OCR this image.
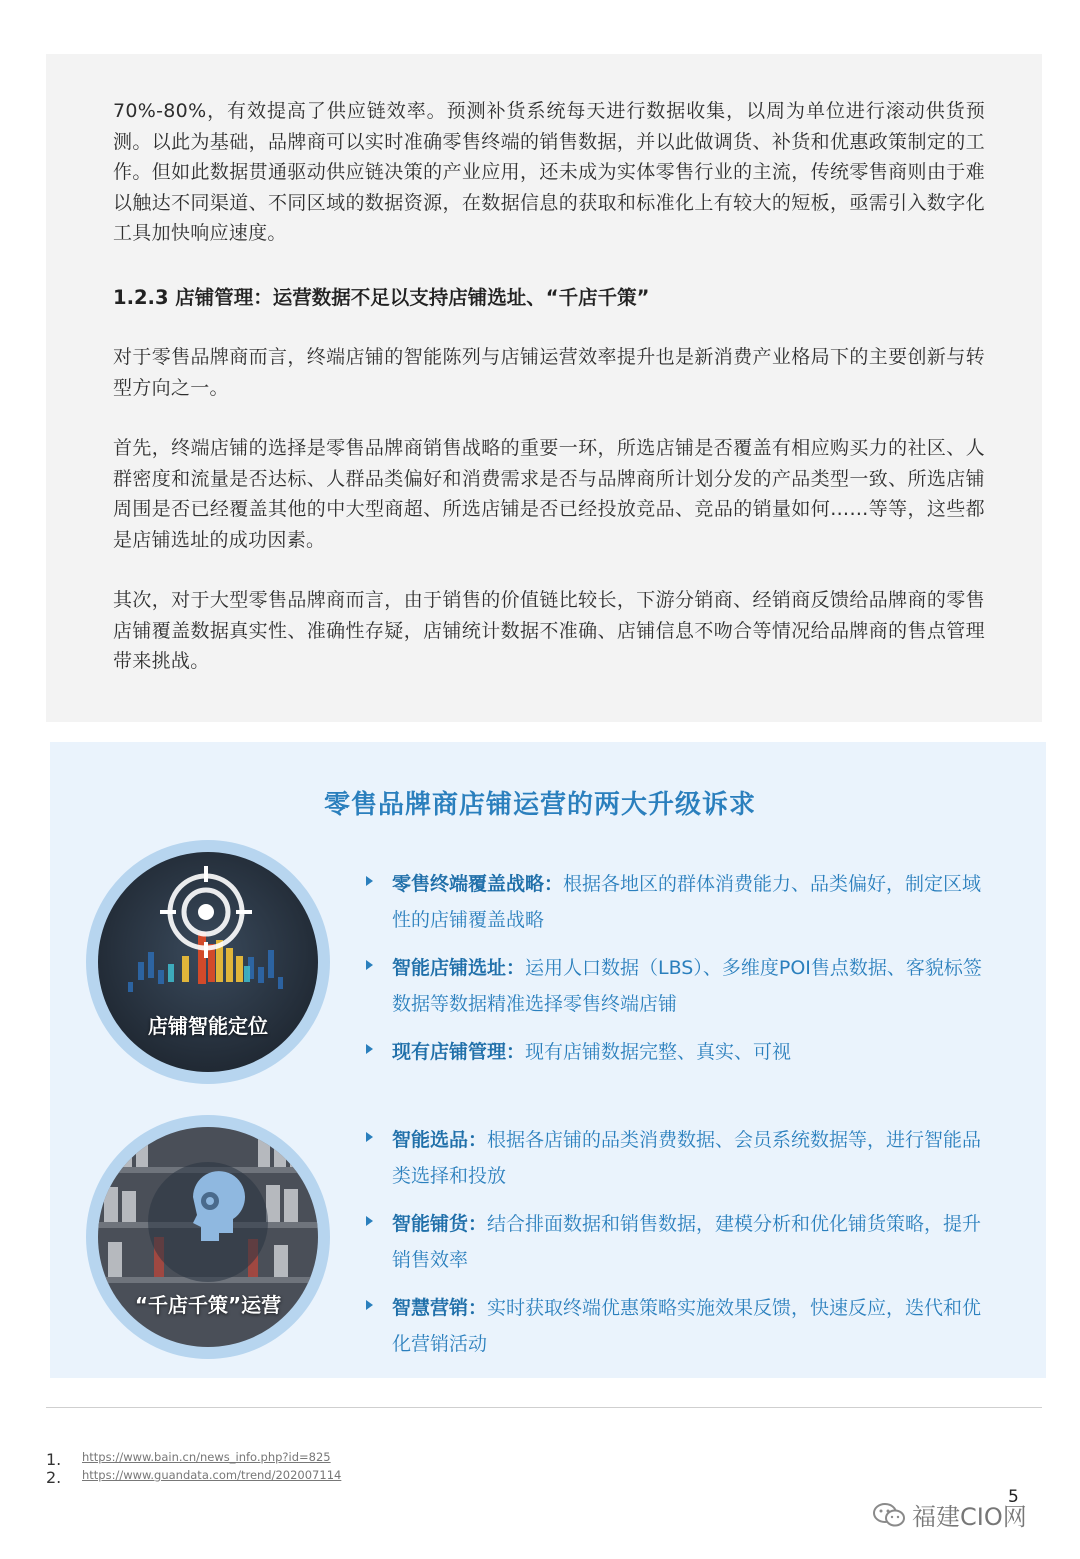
70%-80%，有效提高了供应链效率。预测补货系统每天进行数据收集，以周为单位进行滚动供货预测。以此为基础，品牌商可以实时准确零售终端的销售数据，并以此做调货、补货和优惠政策制定的工作。但如此数据贯通驱动供应链决策的产业应用，还未成为实体零售行业的主流，传统零售商则由于难以触达不同渠道、不同区域的数据资源，在数据信息的获取和标准化上有较大的短板，亟需引入数字化工具加快响应速度。
1.2.3 店铺管理：运营数据不足以支持店铺选址、“千店千策”
对于零售品牌商而言，终端店铺的智能陈列与店铺运营效率提升也是新消费产业格局下的主要创新与转型方向之一。
首先，终端店铺的选择是零售品牌商销售战略的重要一环，所选店铺是否覆盖有相应购买力的社区、人群密度和流量是否达标、人群品类偏好和消费需求是否与品牌商所计划分发的产品类型一致、所选店铺周围是否已经覆盖其他的中大型商超、所选店铺是否已经投放竞品、竞品的销量如何……等等，这些都是店铺选址的成功因素。
其次，对于大型零售品牌商而言，由于销售的价值链比较长，下游分销商、经销商反馈给品牌商的零售店铺覆盖数据真实性、准确性存疑，店铺统计数据不准确、店铺信息不吻合等情况给品牌商的售点管理带来挑战。
零售品牌商店铺运营的两大升级诉求
店铺智能定位
“千店千策”运营
零售终端覆盖战略：根据各地区的群体消费能力、品类偏好，制定区域性的店铺覆盖战略
智能店铺选址：运用人口数据（LBS）、多维度POI售点数据、客貌标签数据等数据精准选择零售终端店铺
现有店铺管理：现有店铺数据完整、真实、可视
智能选品：根据各店铺的品类消费数据、会员系统数据等，进行智能品类选择和投放
智能铺货：结合排面数据和销售数据，建模分析和优化铺货策略，提升销售效率
智慧营销：实时获取终端优惠策略实施效果反馈，快速反应，迭代和优化营销活动
1. https://www.bain.cn/news_info.php?id=825
2. https://www.guandata.com/trend/202007114
5
福建CIO网
